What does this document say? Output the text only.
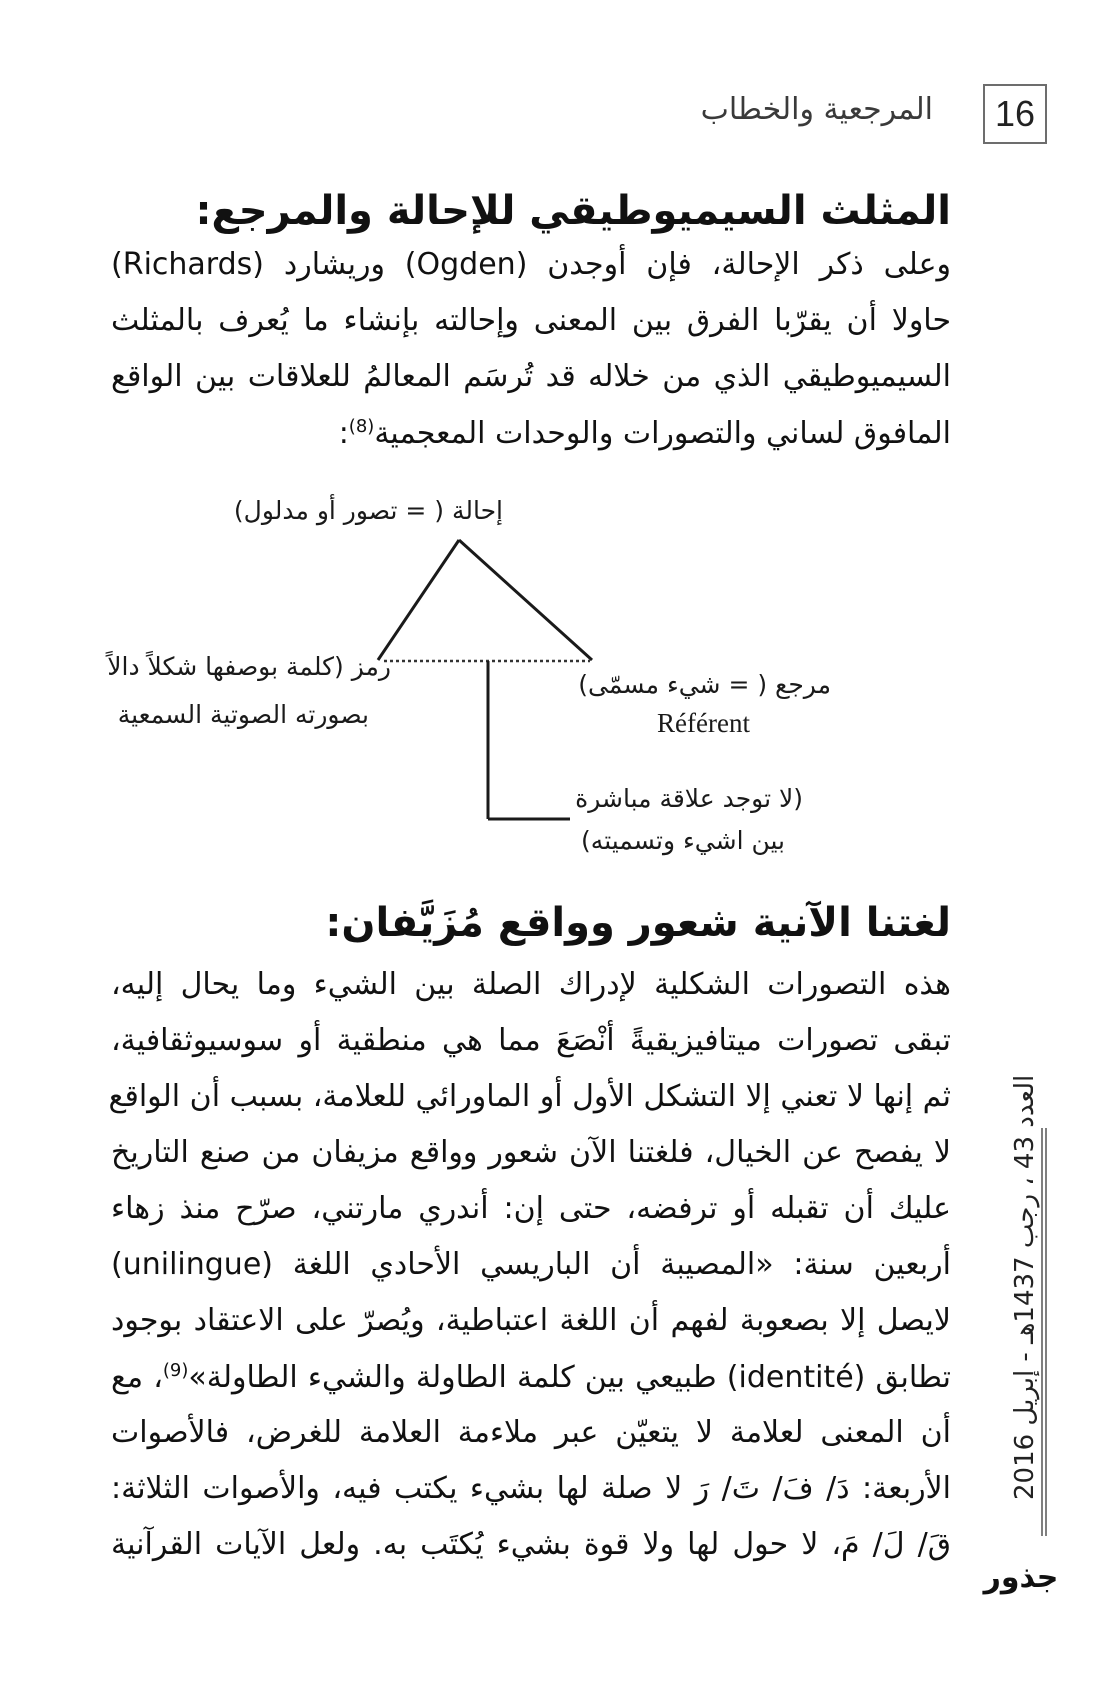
16
المرجعية والخطاب
المثلث السيميوطيقي للإحالة والمرجع:
وعلى ذكر الإحالة، فإن أوجدن (Ogden) وريشارد (Richards)
حاولا أن يقرّبا الفرق بين المعنى وإحالته بإنشاء ما يُعرف بالمثلث
السيميوطيقي الذي من خلاله قد تُرسَم المعالمُ للعلاقات بين الواقع
المافوق لساني والتصورات والوحدات المعجمية$^{(8)}$:
إحالة ( = تصور أو مدلول)
رمز (كلمة بوصفها شكلاً دالاً
بصورته الصوتية السمعية
مرجع ( = شيء مسمّى)
Référent
(لا توجد علاقة مباشرة
بين اشيء وتسميته)
لغتنا الآنية شعور وواقع مُزَيَّفان:
هذه التصورات الشكلية لإدراك الصلة بين الشيء وما يحال إليه،
تبقى تصورات ميتافيزيقيةً أنْصَعَ مما هي منطقية أو سوسيوثقافية،
ثم إنها لا تعني إلا التشكل الأول أو الماورائي للعلامة، بسبب أن الواقع
لا يفصح عن الخيال، فلغتنا الآن شعور وواقع مزيفان من صنع التاريخ
عليك أن تقبله أو ترفضه، حتى إن: أندري مارتني، صرّح منذ زهاء
أربعين سنة: «المصيبة أن الباريسي الأحادي اللغة (unilingue)
لايصل إلا بصعوبة لفهم أن اللغة اعتباطية، ويُصرّ على الاعتقاد بوجود
تطابق (identité) طبيعي بين كلمة الطاولة والشيء الطاولة»$^{(9)}$، مع
أن المعنى لعلامة لا يتعيّن عبر ملاءمة العلامة للغرض، فالأصوات
الأربعة: دَ/ فَ/ تَ/ رَ لا صلة لها بشيء يكتب فيه، والأصوات الثلاثة:
قَ/ لَ/ مَ، لا حول لها ولا قوة بشيء يُكتَب به. ولعل الآيات القرآنية
العدد 43 ، رجب 1437هـ - إبريل 2016
جذور
